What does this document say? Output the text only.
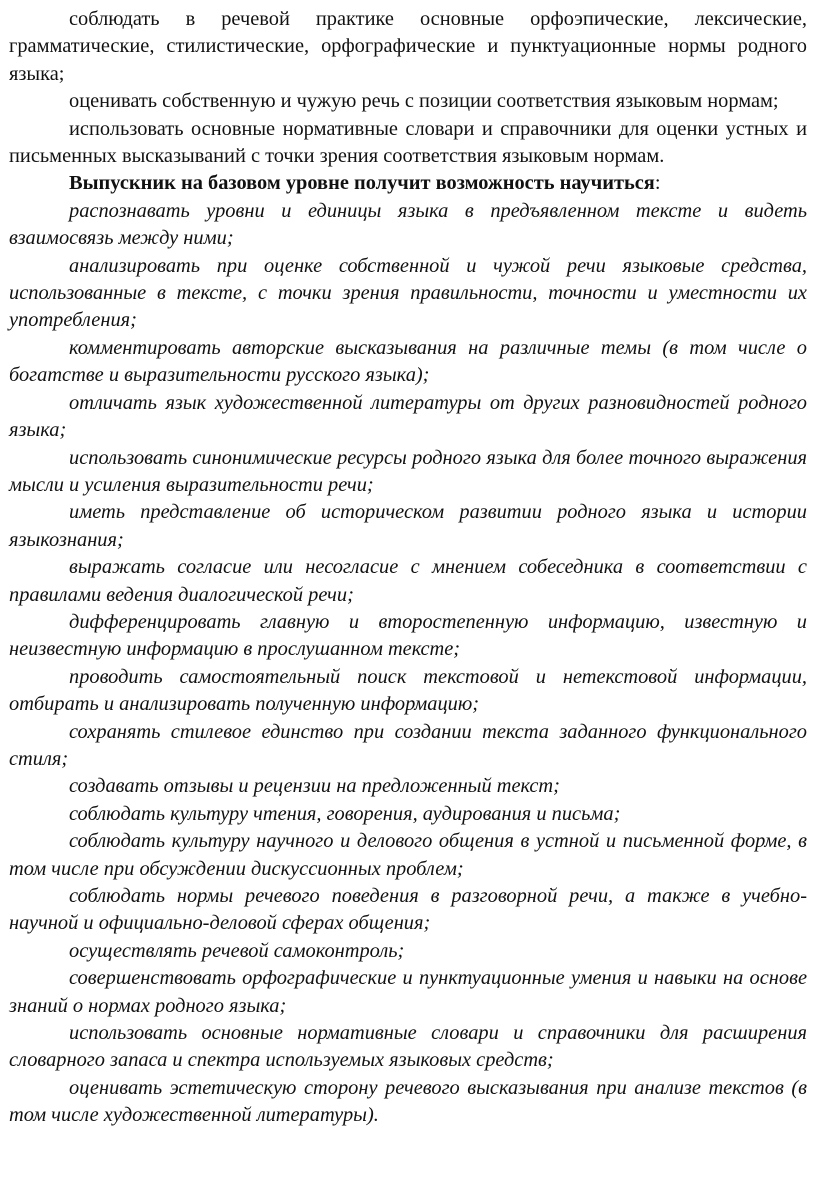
соблюдать в речевой практике основные орфоэпические, лексические, грамматические, стилистические, орфографические и пунктуационные нормы родного языка;

оценивать собственную и чужую речь с позиции соответствия языковым нормам;

использовать основные нормативные словари и справочники для оценки устных и письменных высказываний с точки зрения соответствия языковым нормам.

Выпускник на базовом уровне получит возможность научиться:

распознавать уровни и единицы языка в предъявленном тексте и видеть взаимосвязь между ними;

анализировать при оценке собственной и чужой речи языковые средства, использованные в тексте, с точки зрения правильности, точности и уместности их употребления;

комментировать авторские высказывания на различные темы (в том числе о богатстве и выразительности русского языка);

отличать язык художественной литературы от других разновидностей родного языка;

использовать синонимические ресурсы родного языка для более точного выражения мысли и усиления выразительности речи;

иметь представление об историческом развитии родного языка и истории языкознания;

выражать согласие или несогласие с мнением собеседника в соответствии с правилами ведения диалогической речи;

дифференцировать главную и второстепенную информацию, известную и неизвестную информацию в прослушанном тексте;

проводить самостоятельный поиск текстовой и нетекстовой информации, отбирать и анализировать полученную информацию;

сохранять стилевое единство при создании текста заданного функционального стиля;

создавать отзывы и рецензии на предложенный текст;

соблюдать культуру чтения, говорения, аудирования и письма;

соблюдать культуру научного и делового общения в устной и письменной форме, в том числе при обсуждении дискуссионных проблем;

соблюдать нормы речевого поведения в разговорной речи, а также в учебно-научной и официально-деловой сферах общения;

осуществлять речевой самоконтроль;

совершенствовать орфографические и пунктуационные умения и навыки на основе знаний о нормах родного языка;

использовать основные нормативные словари и справочники для расширения словарного запаса и спектра используемых языковых средств;

оценивать эстетическую сторону речевого высказывания при анализе текстов (в том числе художественной литературы).
